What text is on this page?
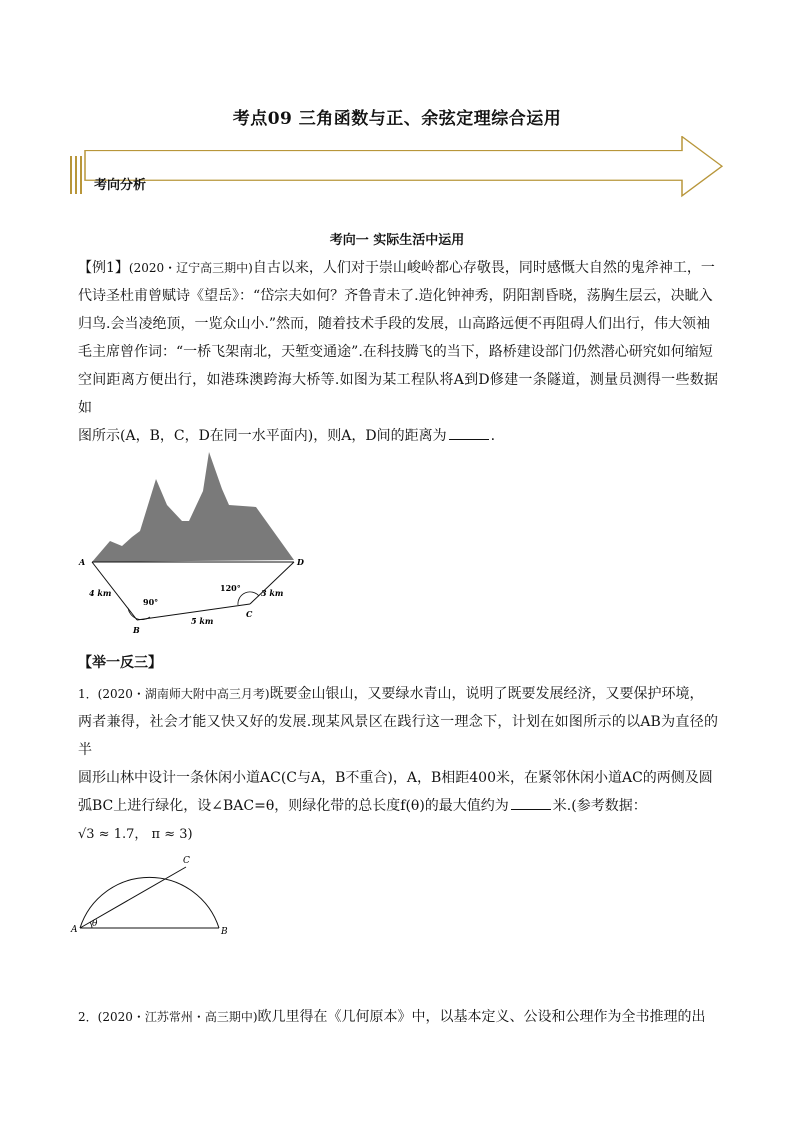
考点09 三角函数与正、余弦定理综合运用
考向分析
考向一 实际生活中运用
【例1】(2020・辽宁高三期中)自古以来，人们对于崇山峻岭都心存敬畏，同时感慨大自然的鬼斧神工，一
代诗圣杜甫曾赋诗《望岳》：“岱宗夫如何？齐鲁青未了.造化钟神秀，阴阳割昏晓，荡胸生层云，决眦入
归鸟.会当凌绝顶，一览众山小.”然而，随着技术手段的发展，山高路远便不再阻碍人们出行，伟大领袖
毛主席曾作词：“一桥飞架南北，天堑变通途”.在科技腾飞的当下，路桥建设部门仍然潜心研究如何缩短
空间距离方便出行，如港珠澳跨海大桥等.如图为某工程队将A到D修建一条隧道，测量员测得一些数据如
图所示(A，B，C，D在同一水平面内)，则A，D间的距离为	.
A	D
B
C
4 km
5 km
3 km
90°
120°
【举一反三】
1．(2020・湖南师大附中高三月考)既要金山银山，又要绿水青山，说明了既要发展经济，又要保护环境，
两者兼得，社会才能又快又好的发展.现某风景区在践行这一理念下，计划在如图所示的以AB为直径的半
圆形山林中设计一条休闲小道AC(C与A，B不重合)，A，B相距400米，在紧邻休闲小道AC的两侧及圆
弧BC上进行绿化，设∠BAC=θ，则绿化带的总长度f(θ)的最大值约为	米.(参考数据：
√3 ≈ 1.7， π ≈ 3)
A	B
C
θ
2．(2020・江苏常州・高三期中)欧几里得在《几何原本》中，以基本定义、公设和公理作为全书推理的出
